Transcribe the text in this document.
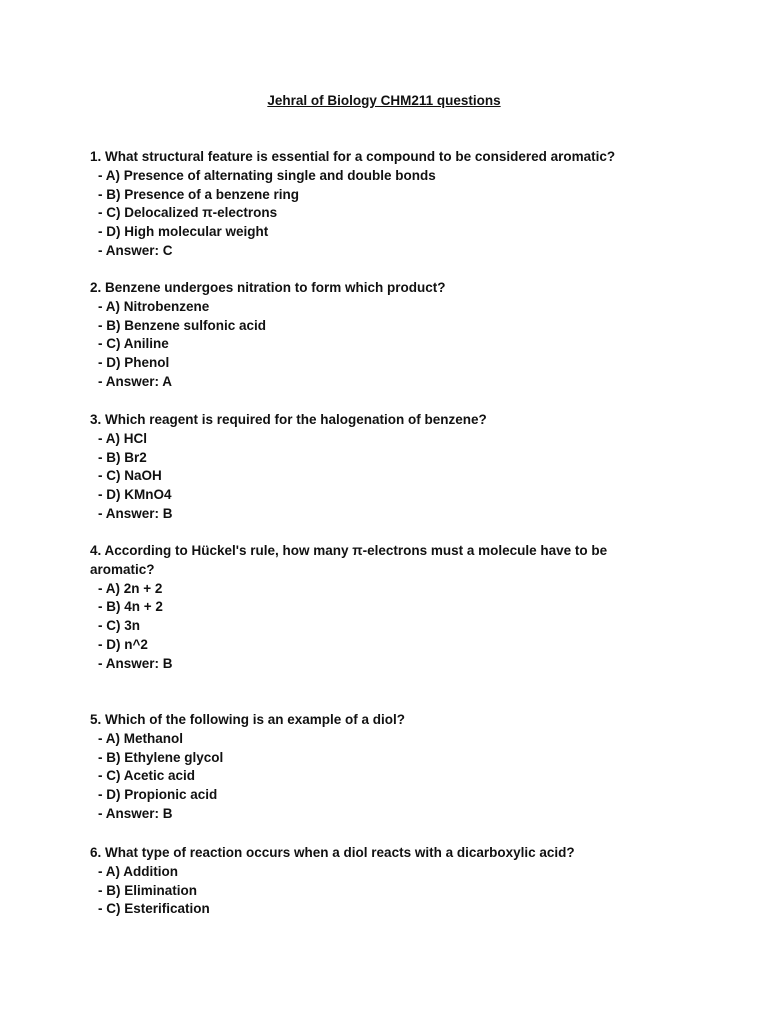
Jehral of Biology CHM211 questions

1. What structural feature is essential for a compound to be considered aromatic?

- A) Presence of alternating single and double bonds

- B) Presence of a benzene ring

- C) Delocalized π-electrons

- D) High molecular weight

- Answer: C

2. Benzene undergoes nitration to form which product?

- A) Nitrobenzene

- B) Benzene sulfonic acid

- C) Aniline

- D) Phenol

- Answer: A

3. Which reagent is required for the halogenation of benzene?

- A) HCl

- B) Br2

- C) NaOH

- D) KMnO4

- Answer: B

4. According to Hückel's rule, how many π-electrons must a molecule have to be aromatic?

- A) 2n + 2

- B) 4n + 2

- C) 3n

- D) n^2

- Answer: B

5. Which of the following is an example of a diol?

- A) Methanol

- B) Ethylene glycol

- C) Acetic acid

- D) Propionic acid

- Answer: B

6. What type of reaction occurs when a diol reacts with a dicarboxylic acid?

- A) Addition

- B) Elimination

- C) Esterification
